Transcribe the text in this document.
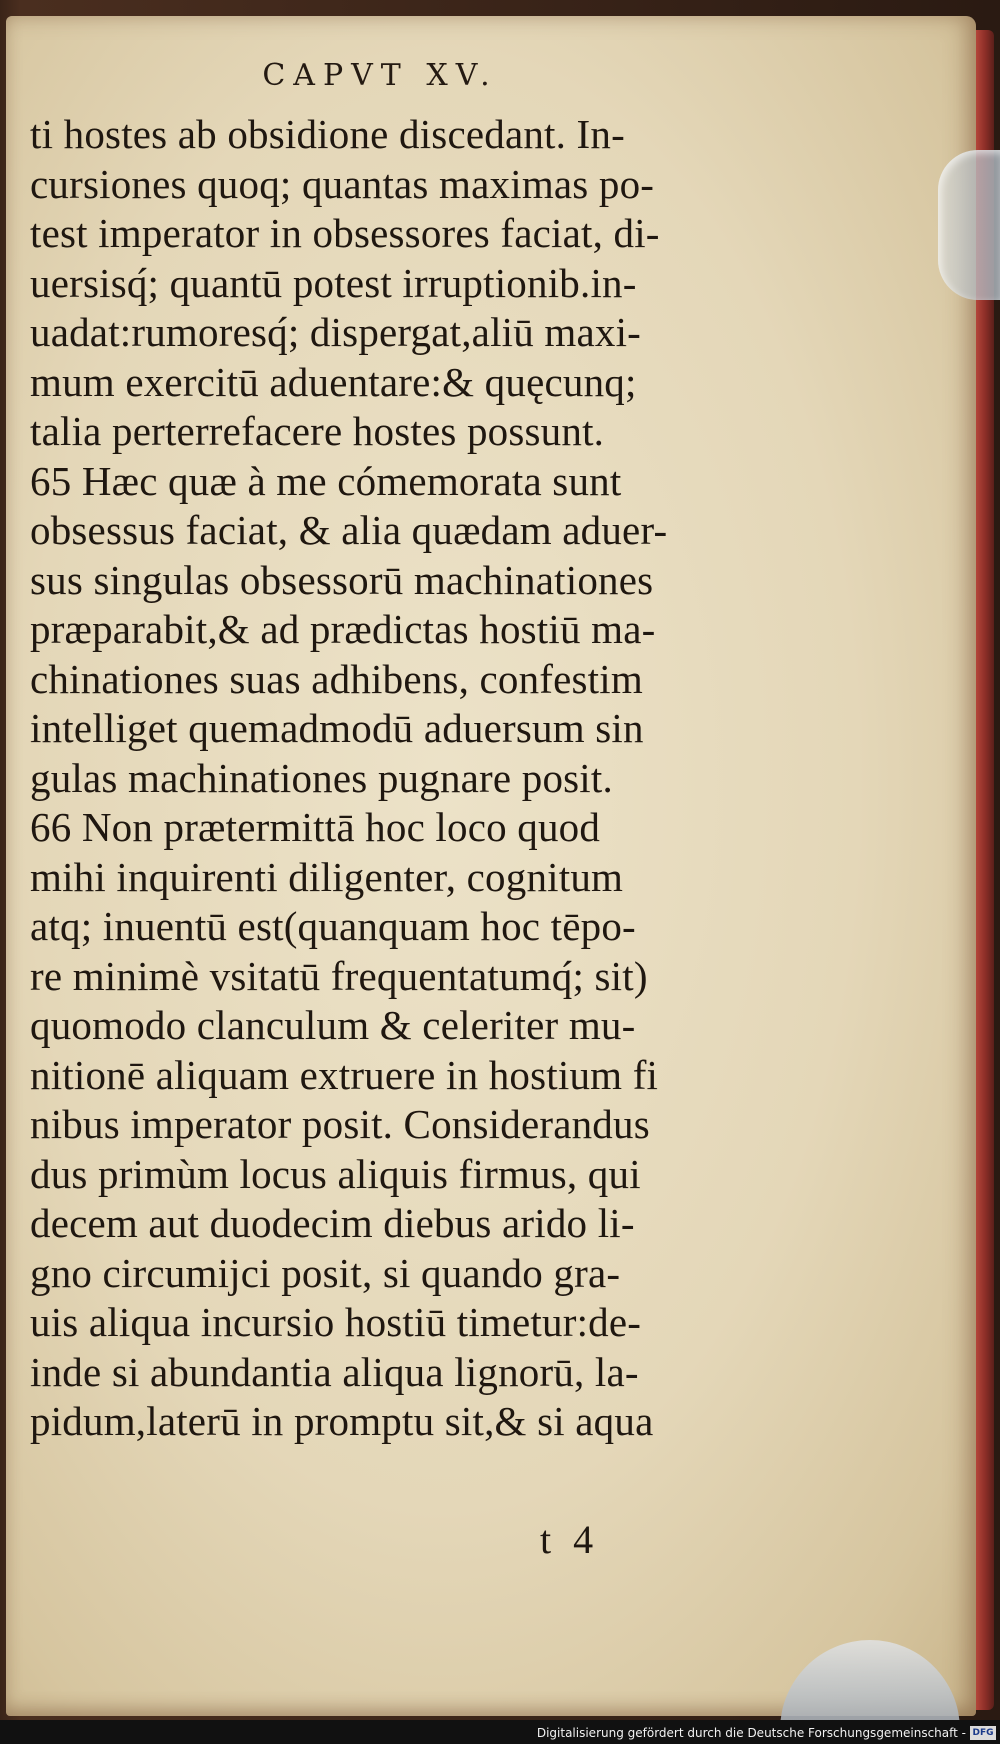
CAPVT XV.
ti hostes ab obsidione discedant. In-
cursiones quoq; quantas maximas po-
test imperator in obsessores faciat, di-
uersisq́; quantū potest irruptionib.in-
uadat:rumoresq́; dispergat,aliū maxi-
mum exercitū aduentare:& quęcunq;
talia perterrefacere hostes possunt.
65 Hæc quæ à me cómemorata sunt
obsessus faciat, & alia quædam aduer-
sus singulas obsessorū machinationes
præparabit,& ad prædictas hostiū ma-
chinationes suas adhibens, confestim
intelliget quemadmodū aduersum sin
gulas machinationes pugnare posit.
66 Non prætermittā hoc loco quod
mihi inquirenti diligenter, cognitum
atq; inuentū est(quanquam hoc tēpo-
re minimè vsitatū frequentatumq́; sit)
quomodo clanculum & celeriter mu-
nitionē aliquam extruere in hostium fi
nibus imperator posit. Considerandus
dus primùm locus aliquis firmus, qui
decem aut duodecim diebus arido li-
gno circumijci posit, si quando gra-
uis aliqua incursio hostiū timetur:de-
inde si abundantia aliqua lignorū, la-
pidum,laterū in promptu sit,& si aqua
t 4
Digitalisierung gefördert durch die Deutsche Forschungsgemeinschaft - DFG
